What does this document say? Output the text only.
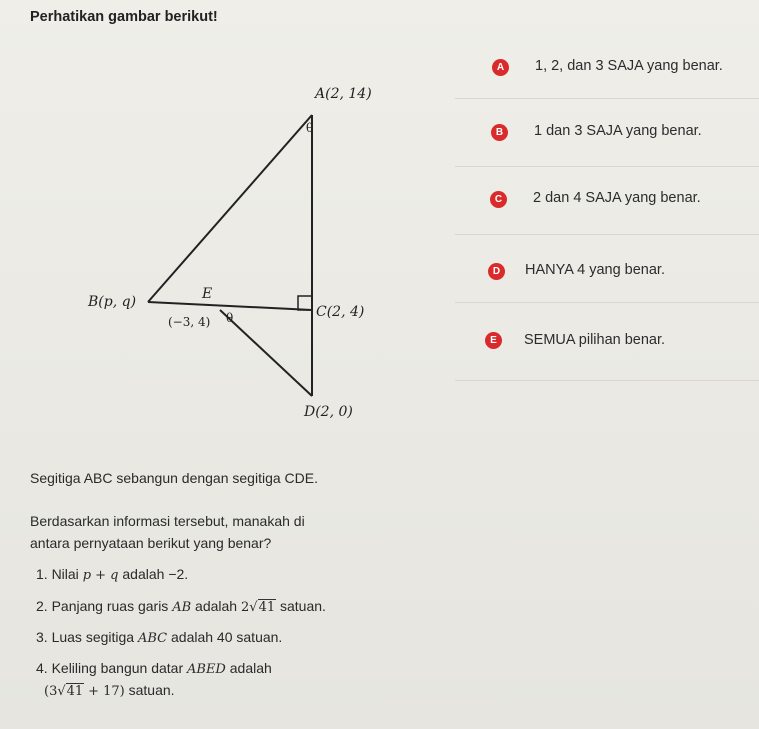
Perhatikan gambar berikut!
A(2, 14)
θ
B(p, q)	E
(−3, 4) θ	C(2, 4)
D(2, 0)
Segitiga ABC sebangun dengan segitiga CDE.
Berdasarkan informasi tersebut, manakah di
antara pernyataan berikut yang benar?
1. Nilai p + q adalah −2.
2. Panjang ruas garis AB adalah 2√41 satuan.
3. Luas segitiga ABC adalah 40 satuan.
4. Keliling bangun datar ABED adalah
(3√41 + 17) satuan.
A	1, 2, dan 3 SAJA yang benar.
B	1 dan 3 SAJA yang benar.
C	2 dan 4 SAJA yang benar.
D	HANYA 4 yang benar.
E	SEMUA pilihan benar.
